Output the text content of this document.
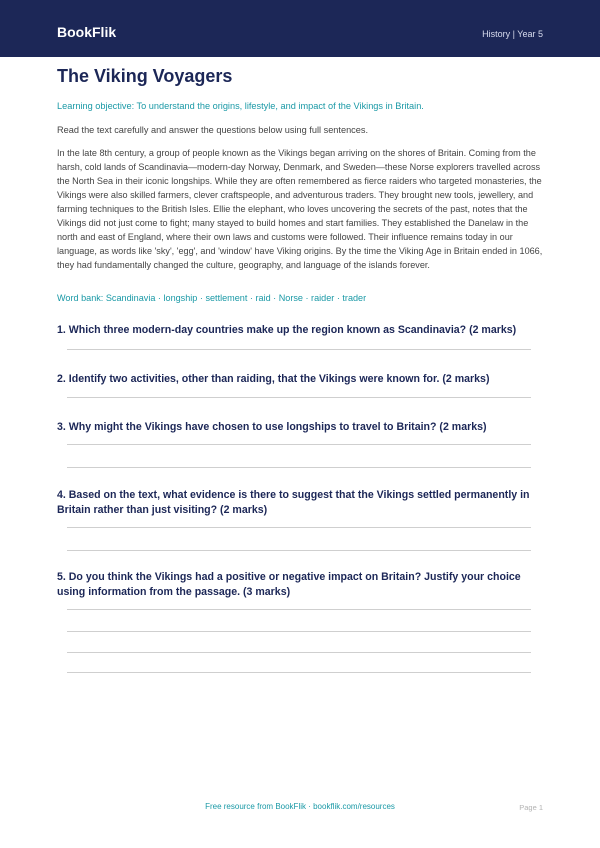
BookFlik	History | Year 5
The Viking Voyagers
Learning objective: To understand the origins, lifestyle, and impact of the Vikings in Britain.
Read the text carefully and answer the questions below using full sentences.
In the late 8th century, a group of people known as the Vikings began arriving on the shores of Britain. Coming from the harsh, cold lands of Scandinavia—modern-day Norway, Denmark, and Sweden—these Norse explorers travelled across the North Sea in their iconic longships. While they are often remembered as fierce raiders who targeted monasteries, the Vikings were also skilled farmers, clever craftspeople, and adventurous traders. They brought new tools, jewellery, and farming techniques to the British Isles. Ellie the elephant, who loves uncovering the secrets of the past, notes that the Vikings did not just come to fight; many stayed to build homes and start families. They established the Danelaw in the north and east of England, where their own laws and customs were followed. Their influence remains today in our language, as words like 'sky', 'egg', and 'window' have Viking origins. By the time the Viking Age in Britain ended in 1066, they had fundamentally changed the culture, geography, and language of the islands forever.
Word bank: Scandinavia · longship · settlement · raid · Norse · raider · trader
1. Which three modern-day countries make up the region known as Scandinavia? (2 marks)
2. Identify two activities, other than raiding, that the Vikings were known for. (2 marks)
3. Why might the Vikings have chosen to use longships to travel to Britain? (2 marks)
4. Based on the text, what evidence is there to suggest that the Vikings settled permanently in Britain rather than just visiting? (2 marks)
5. Do you think the Vikings had a positive or negative impact on Britain? Justify your choice using information from the passage. (3 marks)
Free resource from BookFlik · bookflik.com/resources	Page 1
